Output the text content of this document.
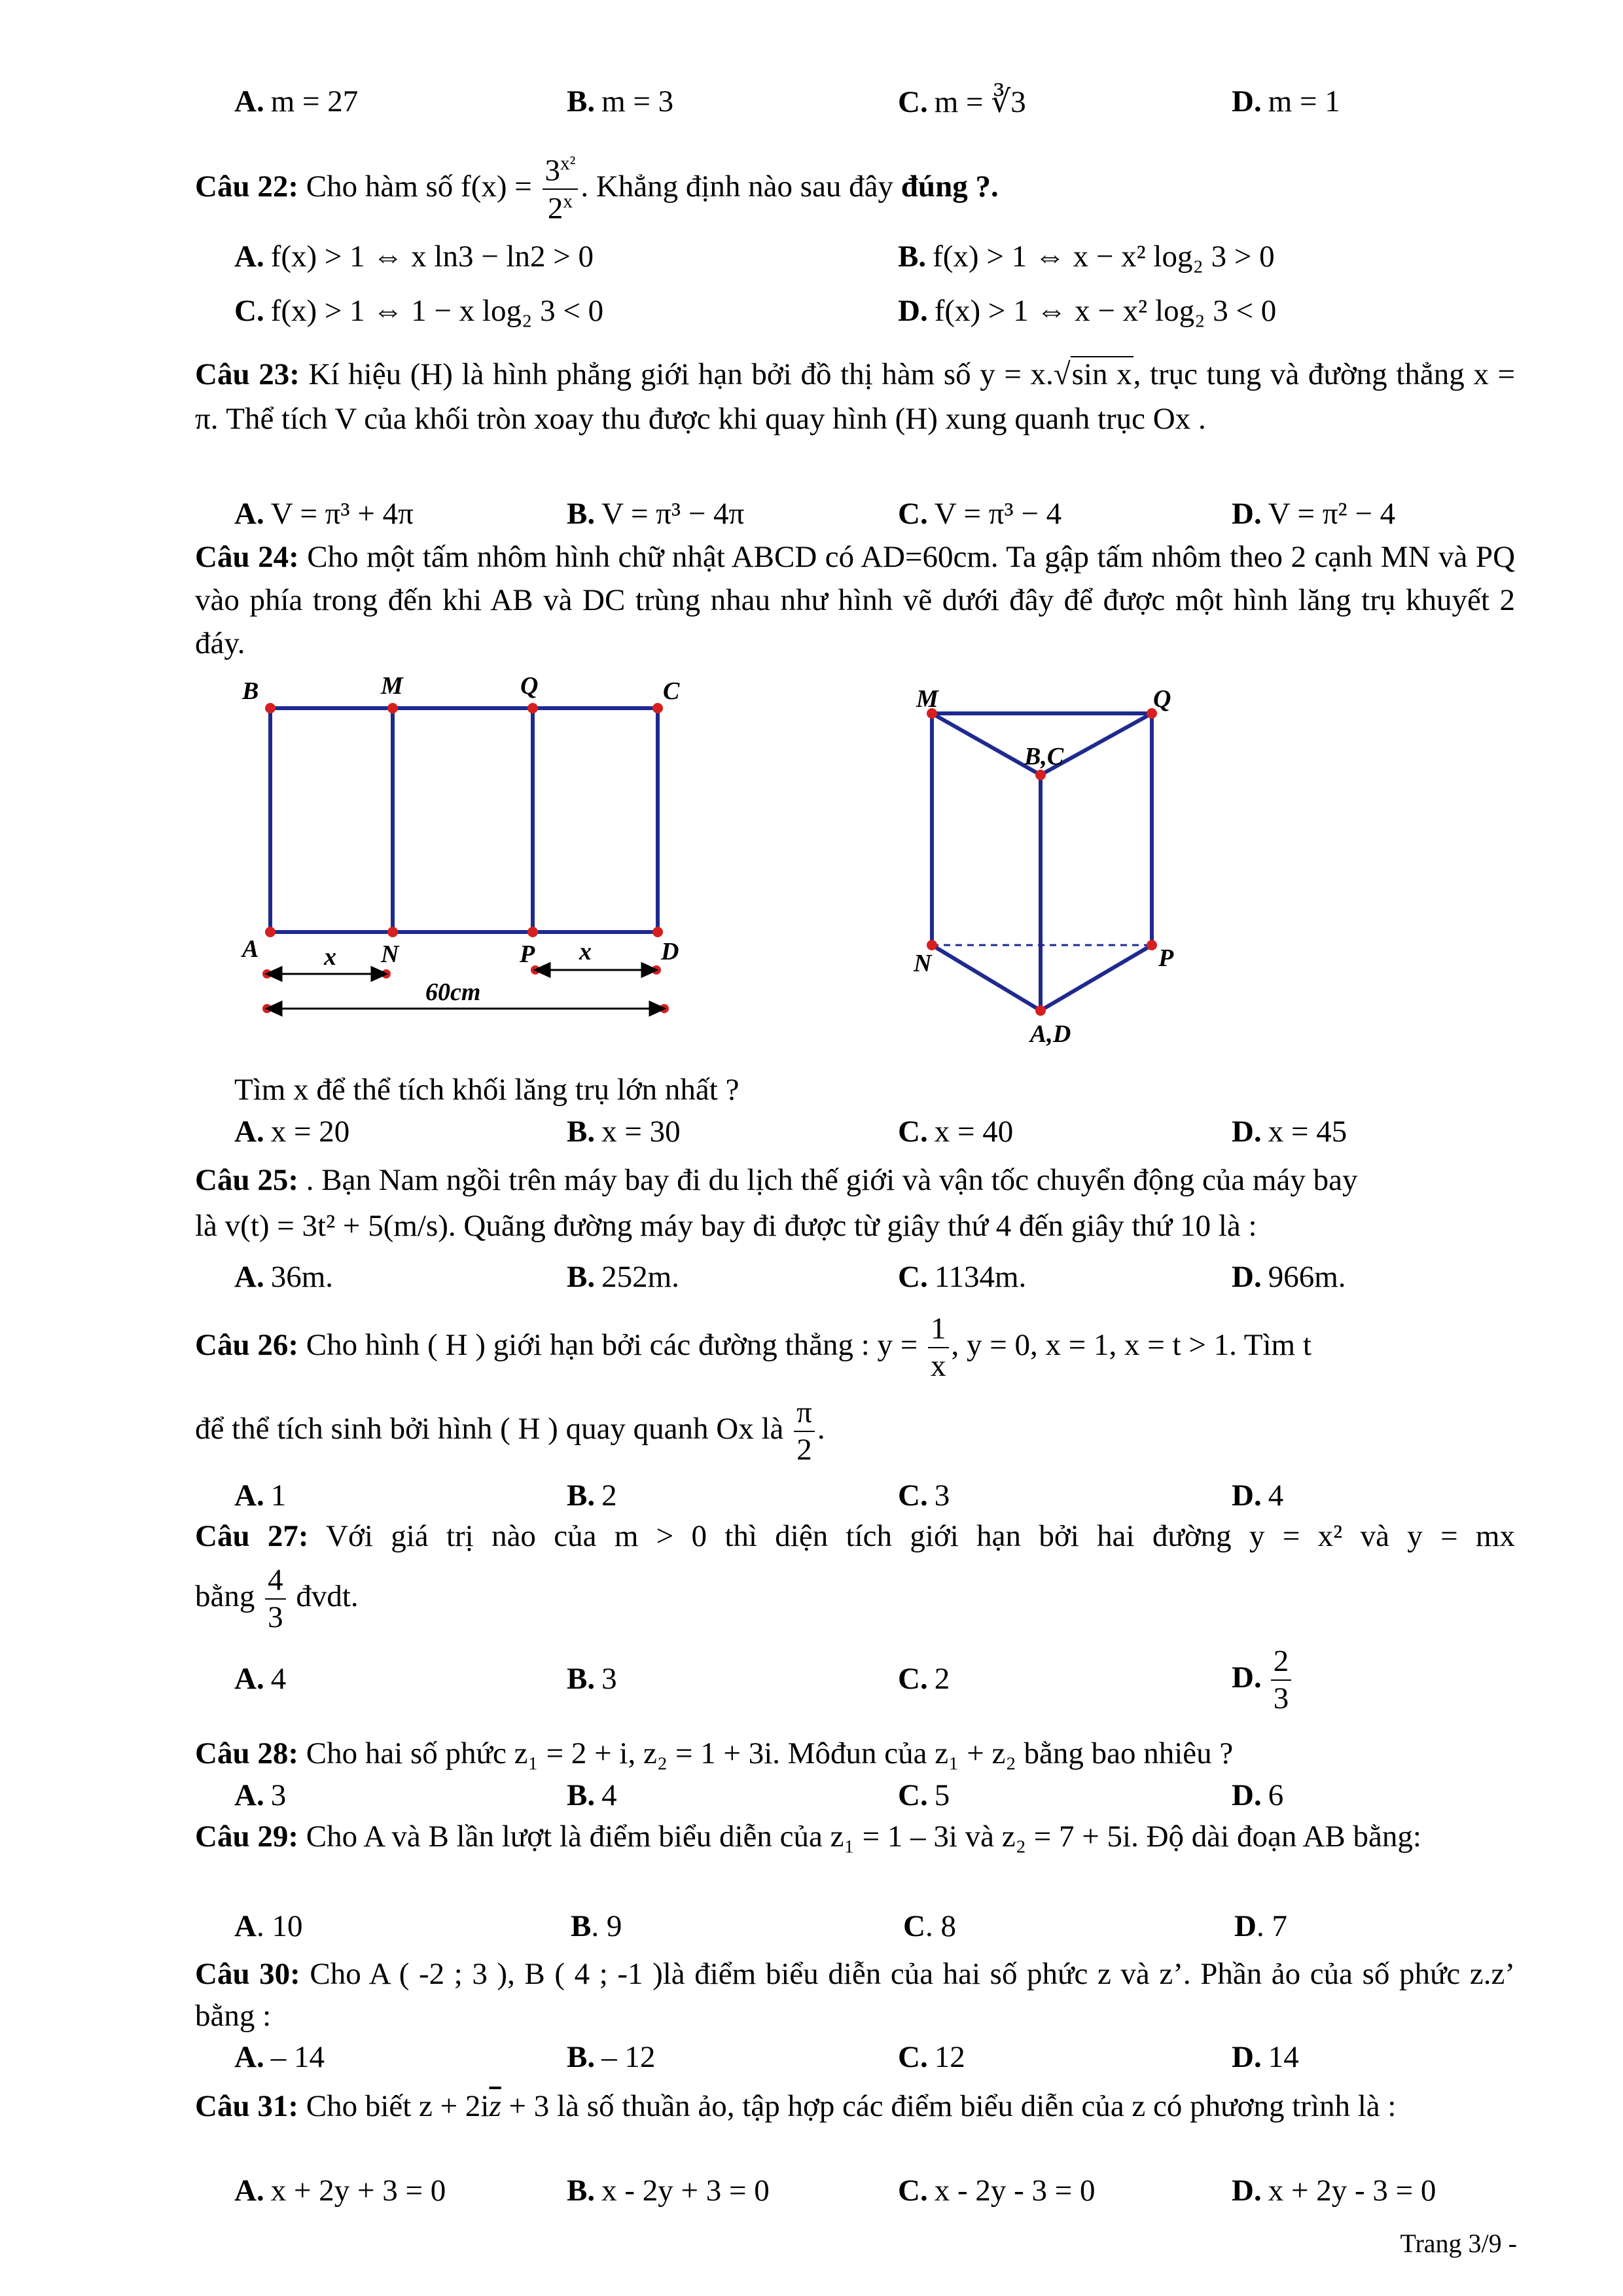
A. m = 27	B. m = 3	C. m = ∛3	D. m = 1
Câu 22: Cho hàm số $f(x) = \frac{3^{x^2}}{2^x}$ . Khẳng định nào sau đây đúng ?.
A. f(x) > 1 ⇔ x ln3 − ln2 > 0	B. f(x) > 1 ⇔ x − x² log₂ 3 > 0
C. f(x) > 1 ⇔ 1 − x log₂ 3 < 0	D. f(x) > 1 ⇔ x − x² log₂ 3 < 0
Câu 23: Kí hiệu (H) là hình phẳng giới hạn bởi đồ thị hàm số y = x.√sin x, trục tung và đường thẳng x = π. Thể tích V của khối tròn xoay thu được khi quay hình (H) xung quanh trục Ox .
A. V = π³ + 4π	B. V = π³ − 4π	C. V = π³ − 4	D. V = π² − 4
Câu 24: Cho một tấm nhôm hình chữ nhật ABCD có AD=60cm. Ta gập tấm nhôm theo 2 cạnh MN và PQ vào phía trong đến khi AB và DC trùng nhau như hình vẽ dưới đây để được một hình lăng trụ khuyết 2 đáy.
B	M	Q	C
A	N	P	D
x	x
60cm
M	Q
B,C
N	P
A,D
Tìm x để thể tích khối lăng trụ lớn nhất ?
A. x = 20	B. x = 30	C. x = 40	D. x = 45
Câu 25: . Bạn Nam ngồi trên máy bay đi du lịch thế giới và vận tốc chuyển động của máy bay
là v(t) = 3t² + 5(m/s). Quãng đường máy bay đi được từ giây thứ 4 đến giây thứ 10 là :
A. 36m.	B. 252m.	C. 1134m.	D. 966m.
Câu 26: Cho hình ( H ) giới hạn bởi các đường thẳng : $y = \frac{1}{x}$ , y = 0, x = 1, x = t > 1. Tìm t
để thể tích sinh bởi hình ( H ) quay quanh Ox là $\frac{\pi}{2}$ .
A. 1	B. 2	C. 3	D. 4
Câu 27: Với giá trị nào của m > 0 thì diện tích giới hạn bởi hai đường y = x² và y = mx
bằng $\frac{4}{3}$ đvdt.
A. 4	B. 3	C. 2	D. $\frac{2}{3}$
Câu 28: Cho hai số phức z₁ = 2 + i, z₂ = 1 + 3i. Môđun của z₁ + z₂ bằng bao nhiêu ?
A. 3	B. 4	C. 5	D. 6
Câu 29: Cho A và B lần lượt là điểm biểu diễn của z₁ = 1 – 3i và z₂ = 7 + 5i. Độ dài đoạn AB bằng:
A. 10	B. 9	C. 8	D. 7
Câu 30: Cho A ( -2 ; 3 ), B ( 4 ; -1 )là điểm biểu diễn của hai số phức z và z’. Phần ảo của số phức z.z’ bằng :
A. – 14	B. – 12	C. 12	D. 14
Câu 31: Cho biết $z + 2i\overline{z} + 3$ là số thuần ảo, tập hợp các điểm biểu diễn của z có phương trình là :
A. x + 2y + 3 = 0	B. x - 2y + 3 = 0	C. x - 2y - 3 = 0	D. x + 2y - 3 = 0
Trang 3/9 -
